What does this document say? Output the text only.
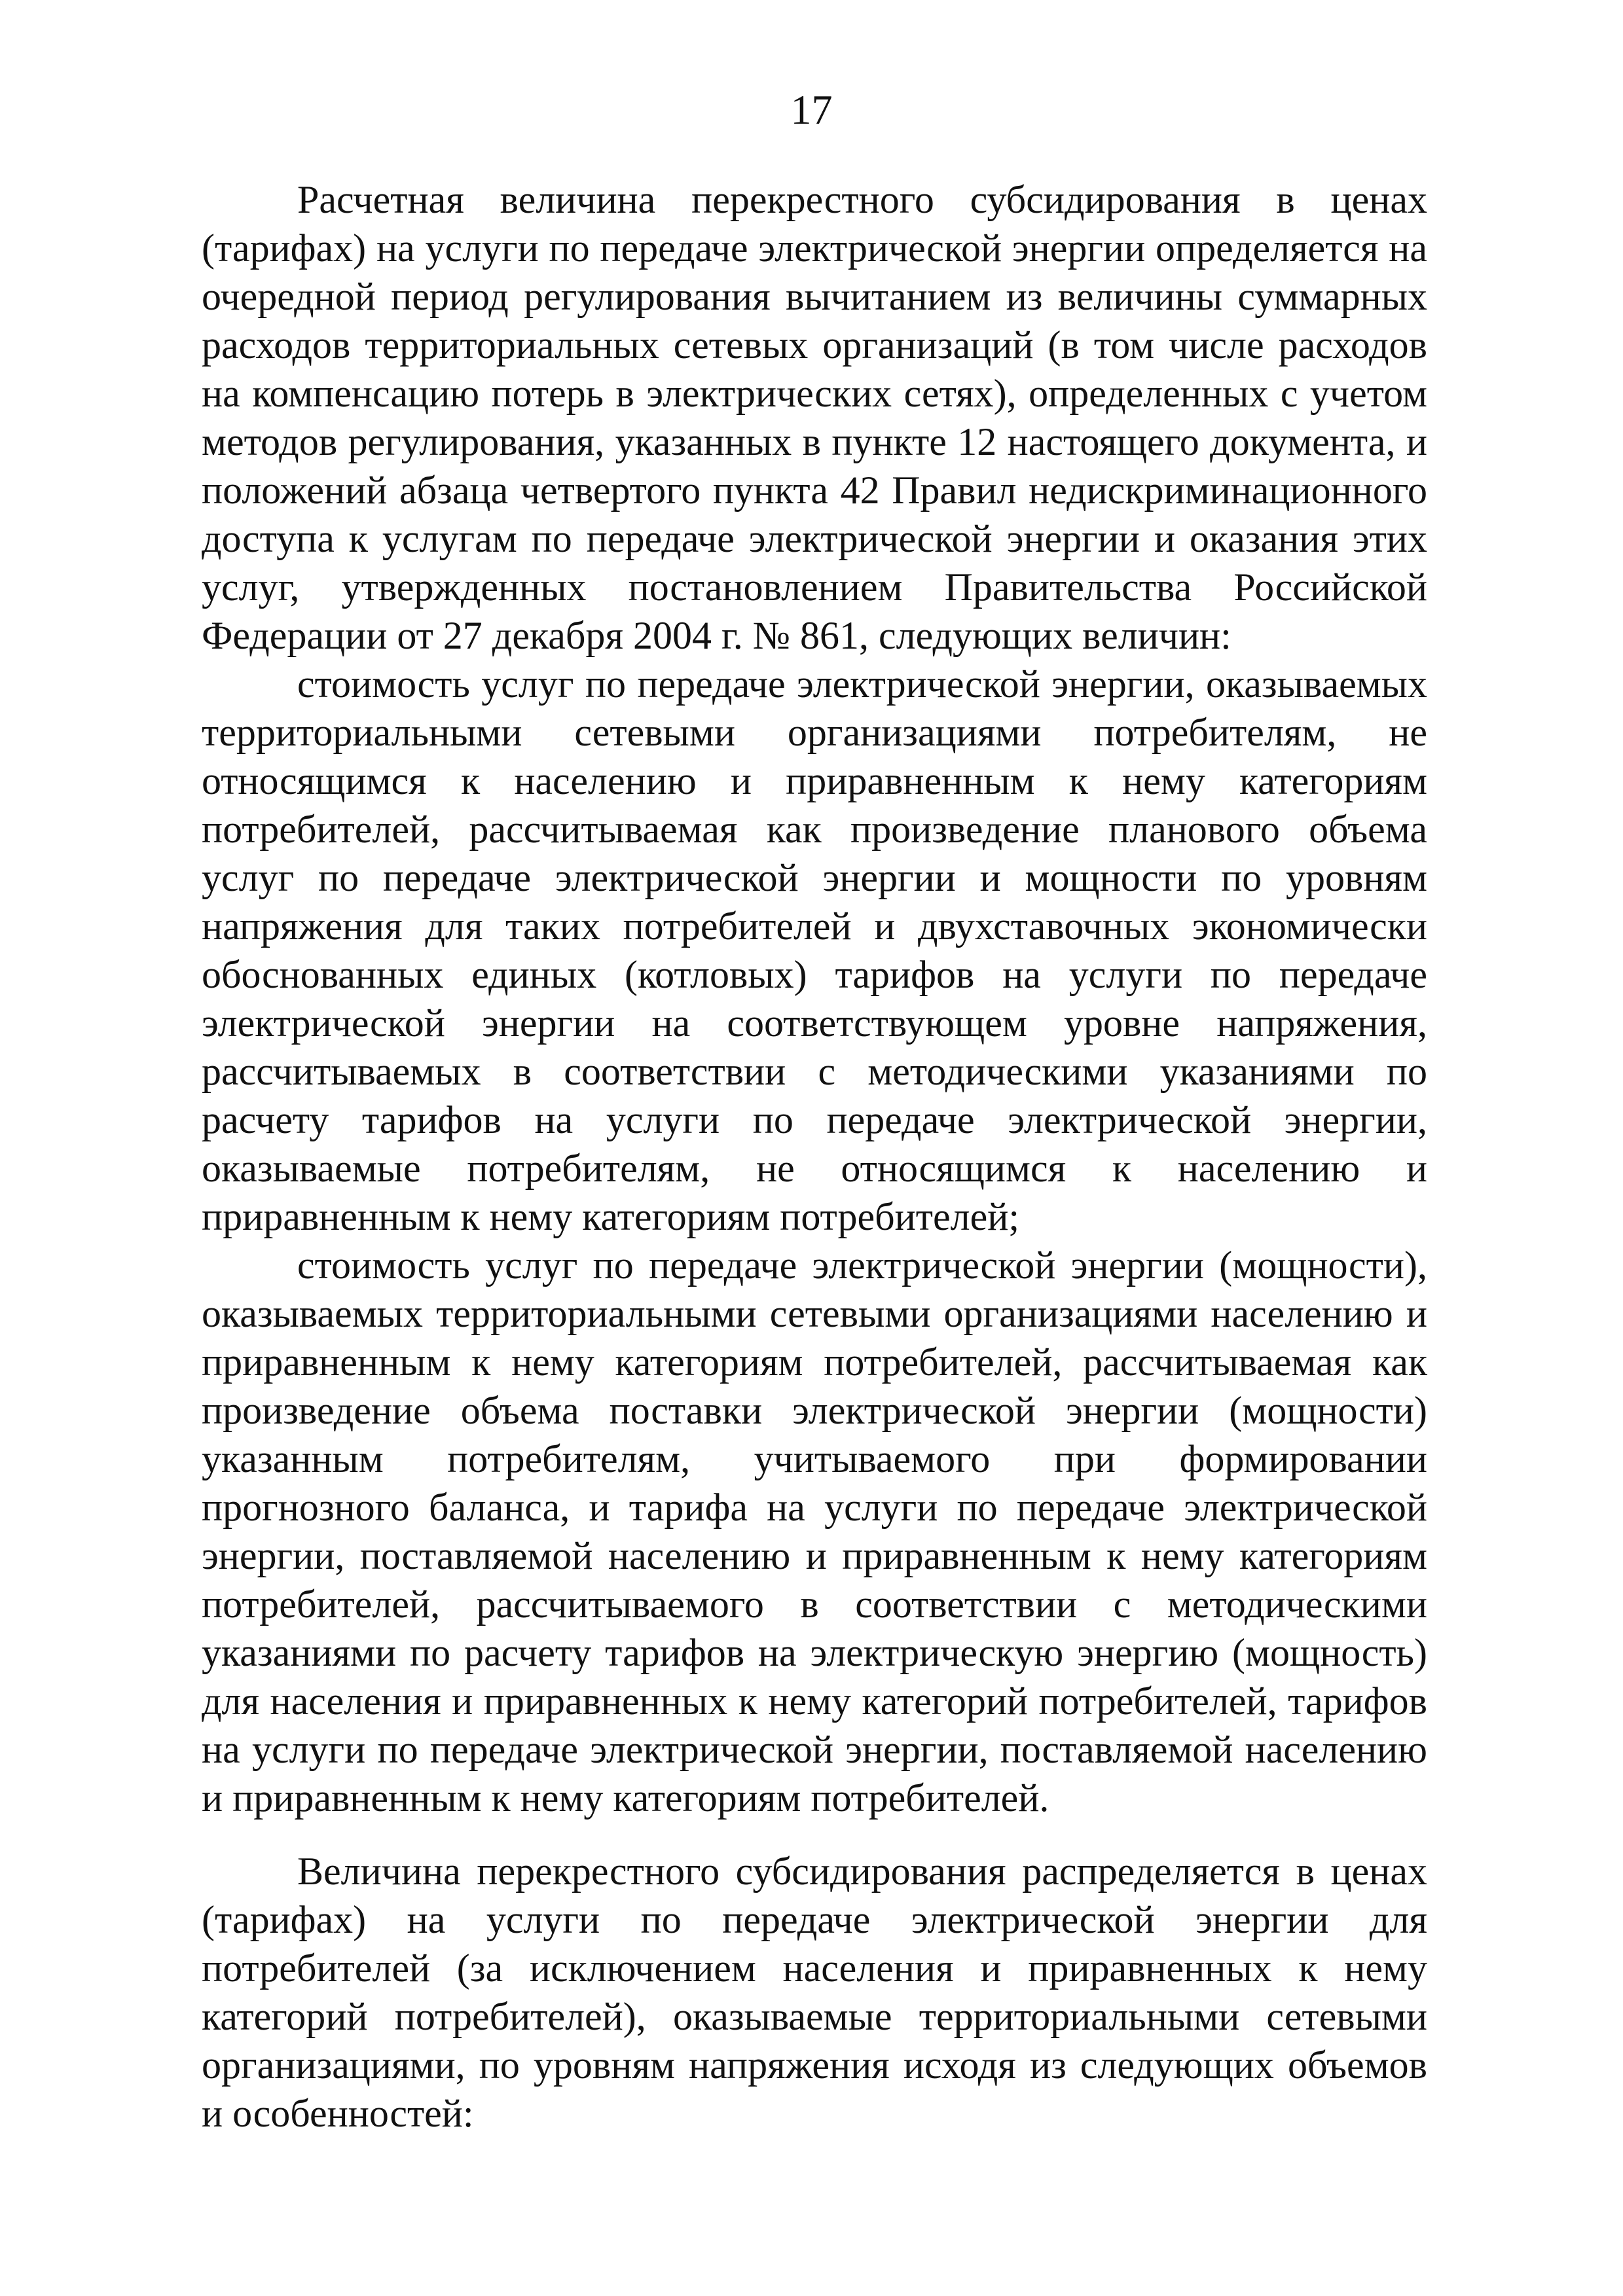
17

Расчетная величина перекрестного субсидирования в ценах (тарифах) на услуги по передаче электрической энергии определяется на очередной период регулирования вычитанием из величины суммарных расходов территориальных сетевых организаций (в том числе расходов на компенсацию потерь в электрических сетях), определенных с учетом методов регулирования, указанных в пункте 12 настоящего документа, и положений абзаца четвертого пункта 42 Правил недискриминационного доступа к услугам по передаче электрической энергии и оказания этих услуг, утвержденных постановлением Правительства Российской Федерации от 27 декабря 2004 г. № 861, следующих величин:

стоимость услуг по передаче электрической энергии, оказываемых территориальными сетевыми организациями потребителям, не относящимся к населению и приравненным к нему категориям потребителей, рассчитываемая как произведение планового объема услуг по передаче электрической энергии и мощности по уровням напряжения для таких потребителей и двухставочных экономически обоснованных единых (котловых) тарифов на услуги по передаче электрической энергии на соответствующем уровне напряжения, рассчитываемых в соответствии с методическими указаниями по расчету тарифов на услуги по передаче электрической энергии, оказываемые потребителям, не относящимся к населению и приравненным к нему категориям потребителей;

стоимость услуг по передаче электрической энергии (мощности), оказываемых территориальными сетевыми организациями населению и приравненным к нему категориям потребителей, рассчитываемая как произведение объема поставки электрической энергии (мощности) указанным потребителям, учитываемого при формировании прогнозного баланса, и тарифа на услуги по передаче электрической энергии, поставляемой населению и приравненным к нему категориям потребителей, рассчитываемого в соответствии с методическими указаниями по расчету тарифов на электрическую энергию (мощность) для населения и приравненных к нему категорий потребителей, тарифов на услуги по передаче электрической энергии, поставляемой населению и приравненным к нему категориям потребителей.

Величина перекрестного субсидирования распределяется в ценах (тарифах) на услуги по передаче электрической энергии для потребителей (за исключением населения и приравненных к нему категорий потребителей), оказываемые территориальными сетевыми организациями, по уровням напряжения исходя из следующих объемов и особенностей:
